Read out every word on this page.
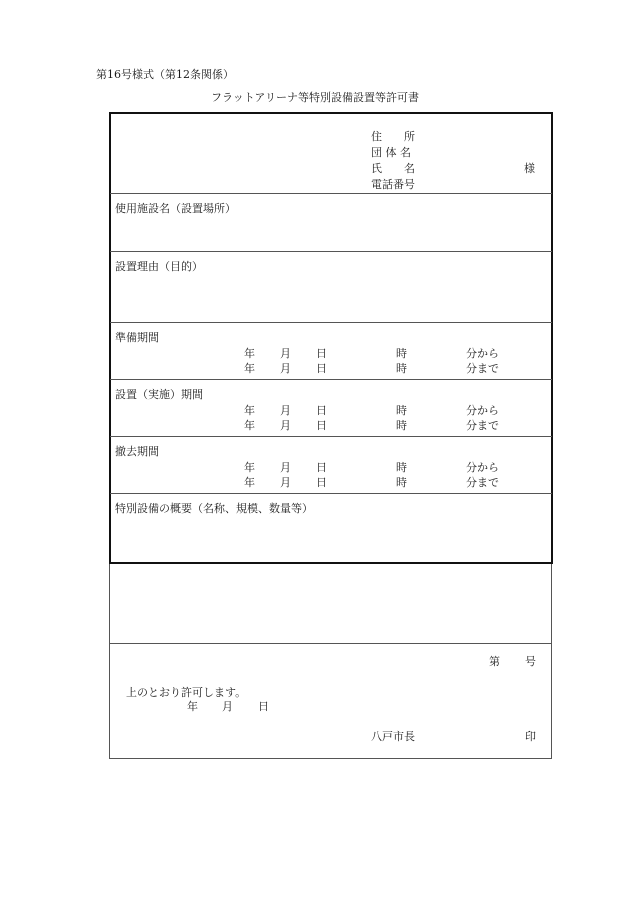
第16号様式（第12条関係）
フラットアリーナ等特別設備設置等許可書
住　　所
団 体 名
氏　　名
電話番号
様
使用施設名（設置場所）
設置理由（目的）
準備期間
年 月 日	時	分から
年 月 日	時	分まで
設置（実施）期間
年 月 日	時	分から
年 月 日	時	分まで
撤去期間
年 月 日	時	分から
年 月 日	時	分まで
特別設備の概要（名称、規模、数量等）
第 号
上のとおり許可します。
年 月 日
八戸市長	印
